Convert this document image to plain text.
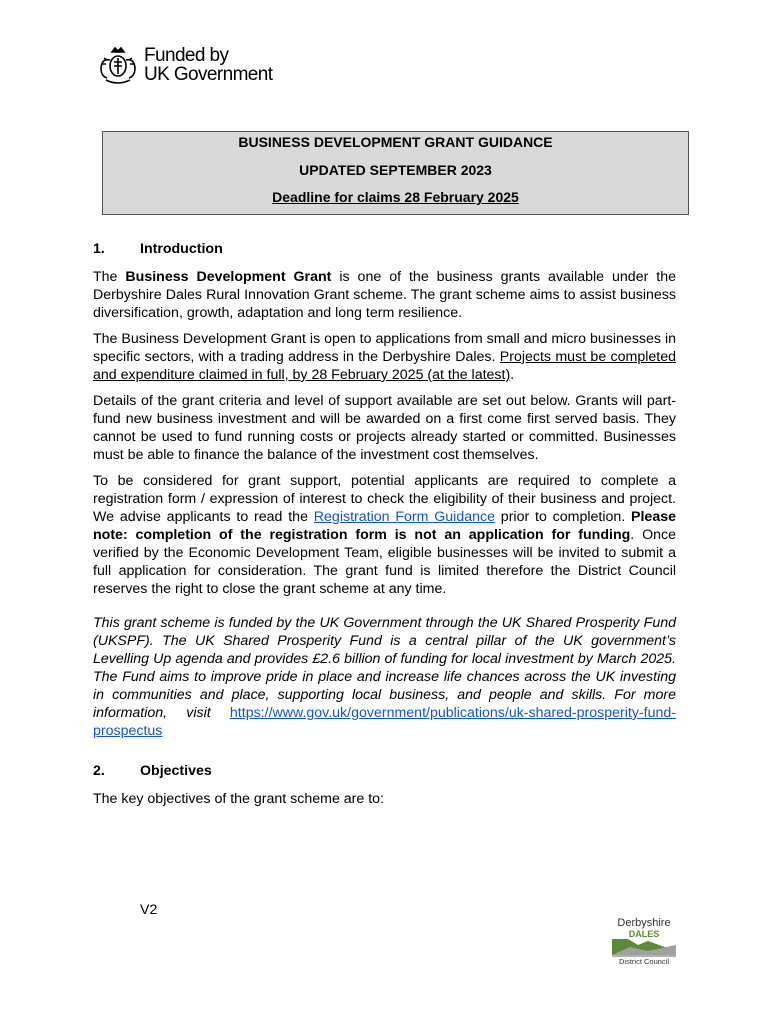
Funded by
UK Government
BUSINESS DEVELOPMENT GRANT GUIDANCE
UPDATED SEPTEMBER 2023
Deadline for claims 28 February 2025
1.	Introduction

The Business Development Grant is one of the business grants available under the Derbyshire Dales Rural Innovation Grant scheme. The grant scheme aims to assist business diversification, growth, adaptation and long term resilience.

The Business Development Grant is open to applications from small and micro businesses in specific sectors, with a trading address in the Derbyshire Dales. Projects must be completed and expenditure claimed in full, by 28 February 2025 (at the latest).

Details of the grant criteria and level of support available are set out below. Grants will part-fund new business investment and will be awarded on a first come first served basis. They cannot be used to fund running costs or projects already started or committed. Businesses must be able to finance the balance of the investment cost themselves.

To be considered for grant support, potential applicants are required to complete a registration form / expression of interest to check the eligibility of their business and project. We advise applicants to read the Registration Form Guidance prior to completion. Please note: completion of the registration form is not an application for funding. Once verified by the Economic Development Team, eligible businesses will be invited to submit a full application for consideration. The grant fund is limited therefore the District Council reserves the right to close the grant scheme at any time.

This grant scheme is funded by the UK Government through the UK Shared Prosperity Fund (UKSPF). The UK Shared Prosperity Fund is a central pillar of the UK government’s Levelling Up agenda and provides £2.6 billion of funding for local investment by March 2025. The Fund aims to improve pride in place and increase life chances across the UK investing in communities and place, supporting local business, and people and skills. For more information, visit https://www.gov.uk/government/publications/uk-shared-prosperity-fund-prospectus

2.	Objectives

The key objectives of the grant scheme are to:

V2
Derbyshire
DALES
District Council
